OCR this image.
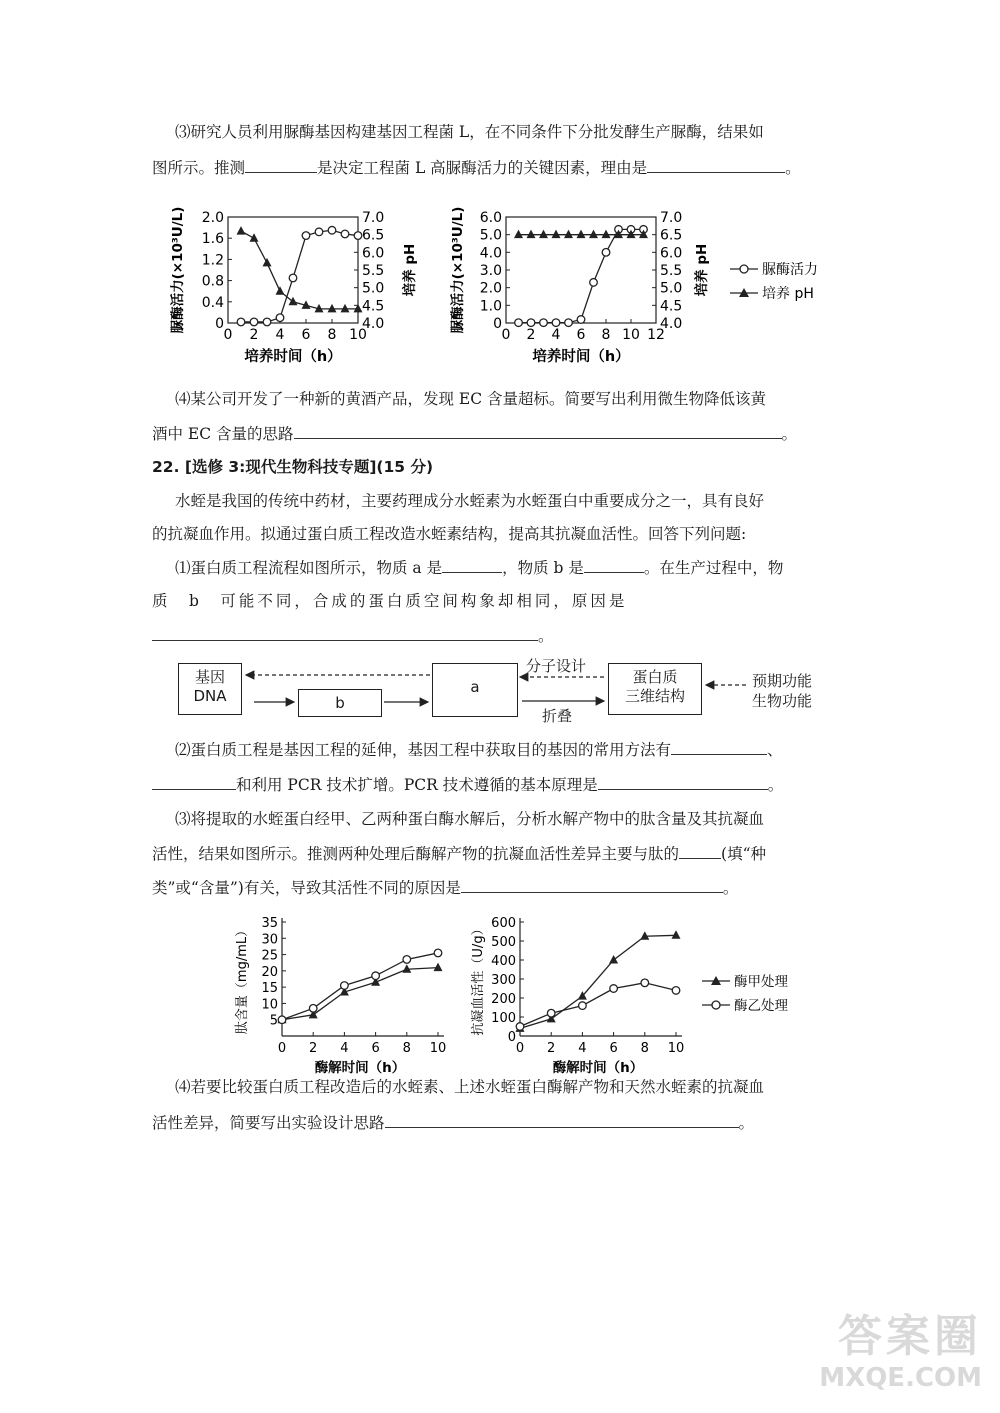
⑶研究人员利用脲酶基因构建基因工程菌 L，在不同条件下分批发酵生产脲酶，结果如
图所示。推测	是决定工程菌 L 高脲酶活力的关键因素，理由是	。
2.0
1.6
1.2
0.8
0.4
0
7.0
6.5
6.0
5.5
5.0
4.5
4.0
0 2 4 6 8 10
培养时间（h）
脲酶活力(×10³U/L)	培养 pH
6.0
5.0
4.0
3.0
2.0
1.0
0
7.0
6.5
6.0
5.5
5.0
4.5
4.0
0 2 4 6 8 10 12
培养时间（h）
脲酶活力(×10³U/L)	培养 pH	脲酶活力
培养 pH
⑷某公司开发了一种新的黄酒产品，发现 EC 含量超标。简要写出利用微生物降低该黄
酒中 EC 含量的思路	。
22. [选修 3:现代生物科技专题](15 分)
水蛭是我国的传统中药材，主要药理成分水蛭素为水蛭蛋白中重要成分之一，具有良好
的抗凝血作用。拟通过蛋白质工程改造水蛭素结构，提高其抗凝血活性。回答下列问题:
⑴蛋白质工程流程如图所示，物质 a 是	，物质 b 是	。在生产过程中，物
质　b　可能不同，合成的蛋白质空间构象却相同，原因是
。
基因
DNA	b
a
蛋白质
三维结构
分子设计
折叠
预期功能
生物功能
⑵蛋白质工程是基因工程的延伸，基因工程中获取目的基因的常用方法有	、
和利用 PCR 技术扩增。PCR 技术遵循的基本原理是	。
⑶将提取的水蛭蛋白经甲、乙两种蛋白酶水解后，分析水解产物中的肽含量及其抗凝血
活性，结果如图所示。推测两种处理后酶解产物的抗凝血活性差异主要与肽的	(填“种
类”或“含量”)有关，导致其活性不同的原因是	。
35
30
25
20
15
10
5
0 2 4 6 8 10
酶解时间（h）
肽含量（mg/mL）
600
500
400
300
200
100
0
0 2 4 6 8 10
酶解时间（h）
抗凝血活性（U/g）	酶甲处理
酶乙处理
⑷若要比较蛋白质工程改造后的水蛭素、上述水蛭蛋白酶解产物和天然水蛭素的抗凝血
活性差异，简要写出实验设计思路	。
答案圈
MXQE.COM
